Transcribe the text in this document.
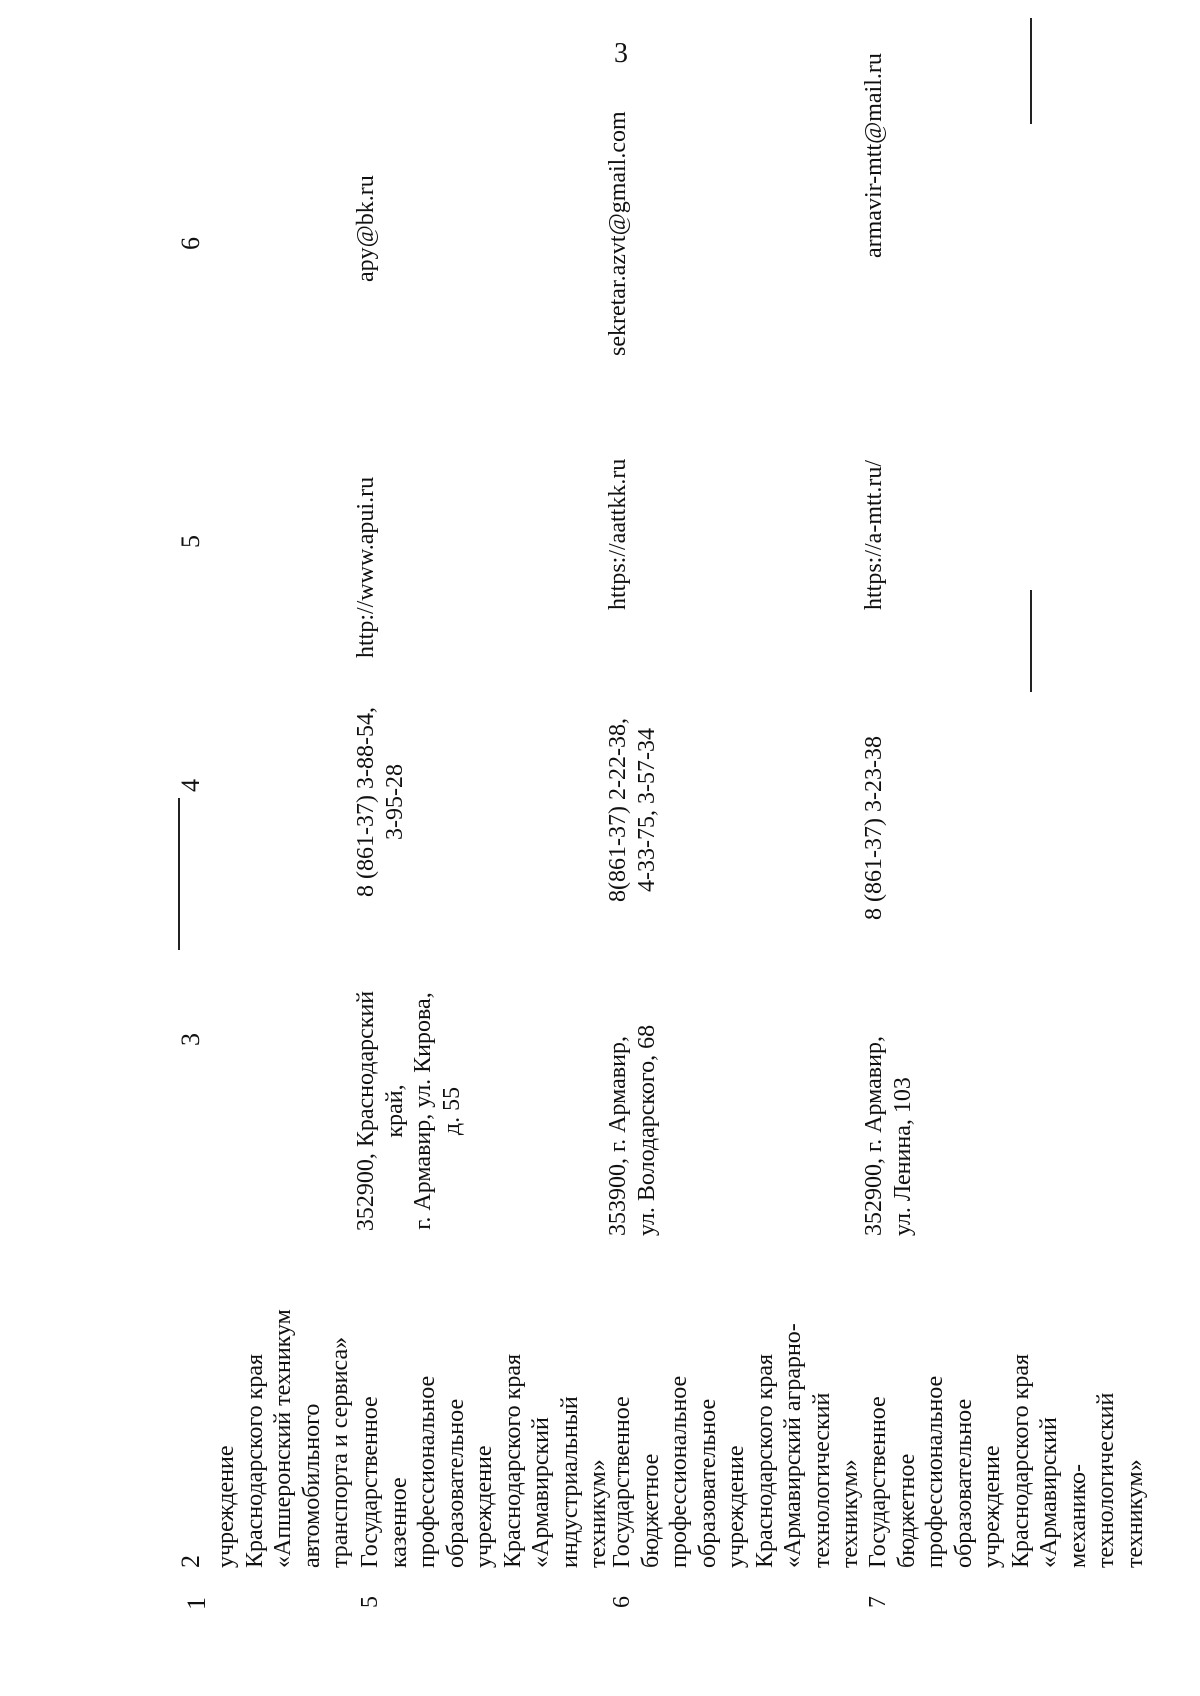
3
1
2
3
4
5
6
учреждение Краснодарского края «Апшеронский техникум автомобильного транспорта и сервиса»
5
Государственное казенное профессиональное образовательное учреждение Краснодарского края «Армавирский индустриальный техникум»
352900, Краснодарский край, г. Армавир, ул. Кирова, д. 55
8 (861-37) 3-88-54, 3-95-28
http://www.apui.ru
apy@bk.ru
6
Государственное бюджетное профессиональное образовательное учреждение Краснодарского края «Армавирский аграрно- технологический техникум»
353900, г. Армавир, ул. Володарского, 68
8(861-37) 2-22-38, 4-33-75, 3-57-34
https://aattkk.ru
sekretar.azvt@gmail.com
7
Государственное бюджетное профессиональное образовательное учреждение Краснодарского края «Армавирский механико- технологический техникум»
352900, г. Армавир, ул. Ленина, 103
8 (861-37) 3-23-38
https://a-mtt.ru/
armavir-mtt@mail.ru
